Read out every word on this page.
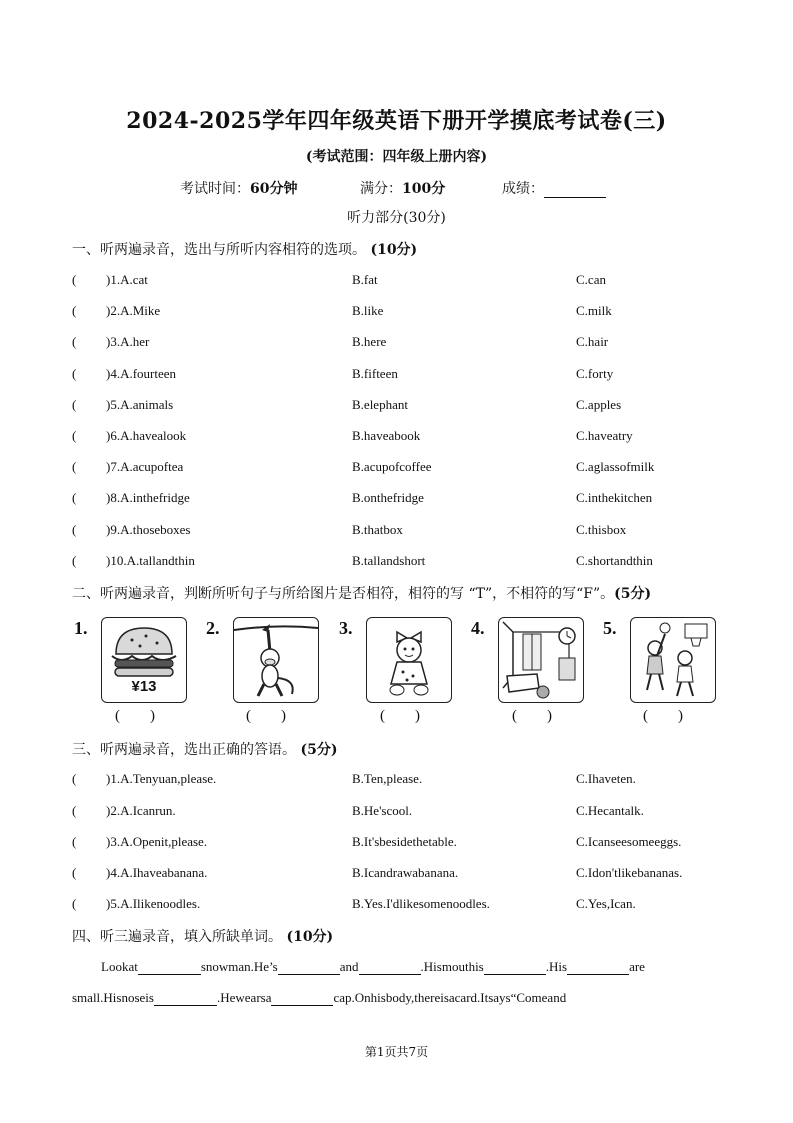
2024-2025学年四年级英语下册开学摸底考试卷(三)
(考试范围：四年级上册内容)
考试时间：60分钟	满分：100分	成绩：
听力部分(30分)
一、听两遍录音，选出与所听内容相符的选项。 (10分)
( )1.A.cat	B.fat	C.can
( )2.A.Mike	B.like	C.milk
( )3.A.her	B.here	C.hair
( )4.A.fourteen	B.fifteen	C.forty
( )5.A.animals	B.elephant	C.apples
( )6.A.havealook	B.haveabook	C.haveatry
( )7.A.acupoftea	B.acupofcoffee	C.aglassofmilk
( )8.A.inthefridge	B.onthefridge	C.inthekitchen
( )9.A.thoseboxes	B.thatbox	C.thisbox
( )10.A.tallandthin	B.tallandshort	C.shortandthin
二、听两遍录音，判断所听句子与所给图片是否相符，相符的写 “T”，不相符的写“F”。(5分)
1.
¥13
(　　)
2.
(　　)
3.
(　　)
4.
(　　)
5.
(　　)
三、听两遍录音，选出正确的答语。 (5分)
( )1.A.Tenyuan,please.	B.Ten,please.	C.Ihaveten.
( )2.A.Icanrun.	B.He'scool.	C.Hecantalk.
( )3.A.Openit,please.	B.It'sbesidethetable.	C.Icanseesomeeggs.
( )4.A.Ihaveabanana.	B.Icandrawabanana.	C.Idon'tlikebananas.
( )5.A.Ilikenoodles.	B.Yes.I'dlikesomenoodles.	C.Yes,Ican.
四、听三遍录音，填入所缺单词。 (10分)
Lookat	snowman.He’s	and	.Hismouthis	.His	are
small.Hisnoseis	.Hewearsa	cap.Onhisbody,thereisacard.Itsays“Comeand
第1页共7页
